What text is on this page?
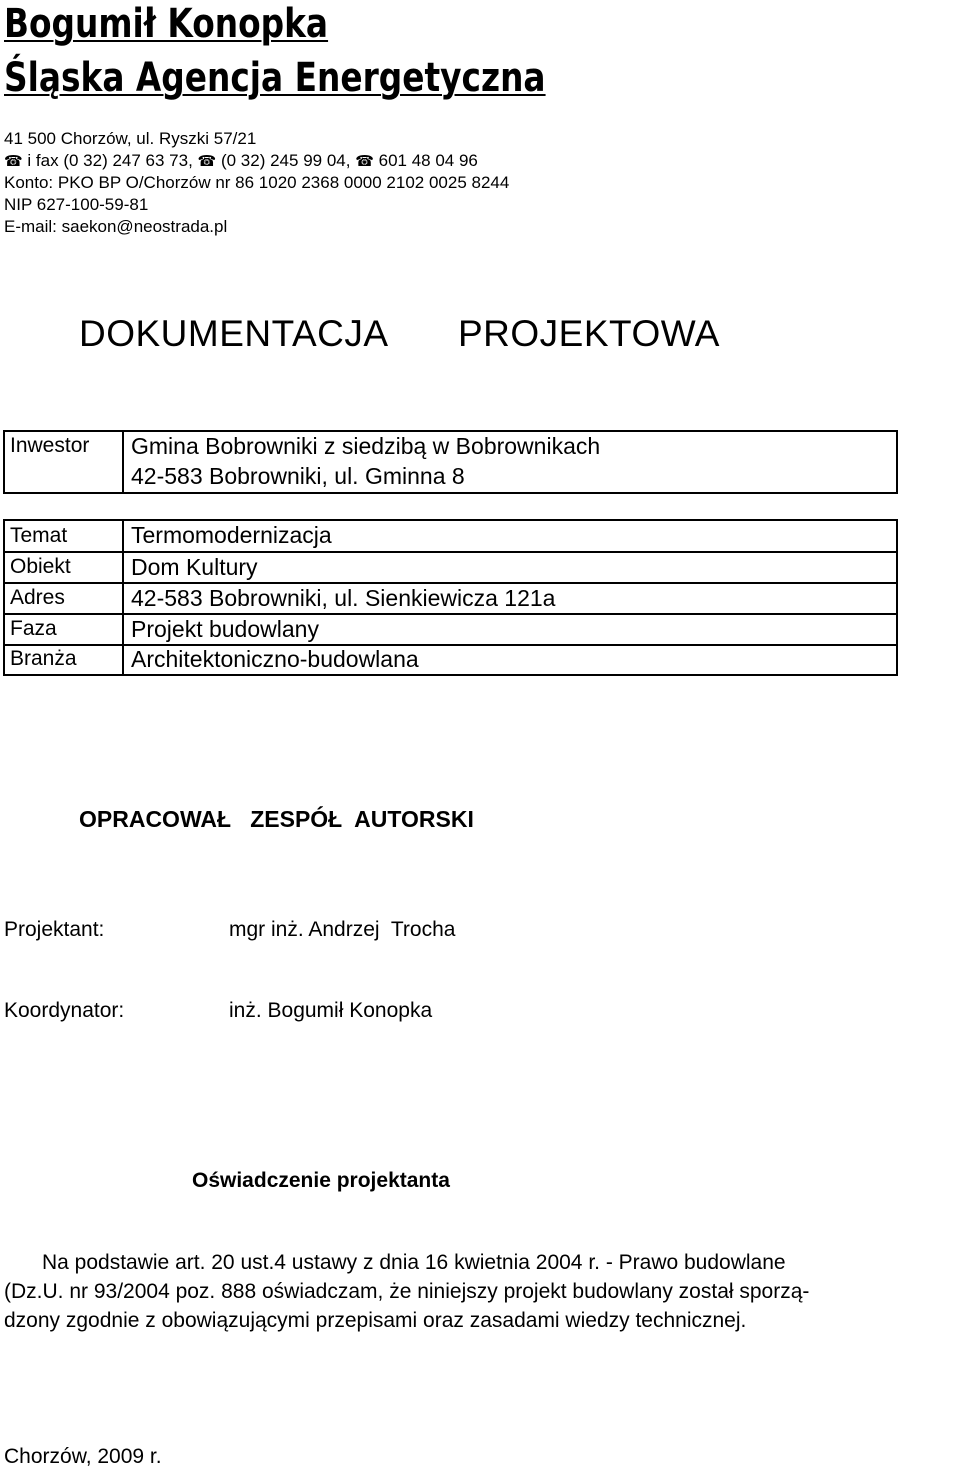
Bogumił Konopka
Śląska Agencja Energetyczna
41 500 Chorzów, ul. Ryszki 57/21
☎ i fax (0 32) 247 63 73, ☎ (0 32) 245 99 04, ☎ 601 48 04 96
Konto: PKO BP O/Chorzów nr 86 1020 2368 0000 2102 0025 8244
NIP 627-100-59-81
E-mail: saekon@neostrada.pl
DOKUMENTACJA PROJEKTOWA
Inwestor Gmina Bobrowniki z siedzibą w Bobrownikach
42-583 Bobrowniki, ul. Gminna 8
Temat	Termomodernizacja
Obiekt	Dom Kultury
Adres	42-583 Bobrowniki, ul. Sienkiewicza 121a
Faza	Projekt budowlany
Branża Architektoniczno-budowlana
OPRACOWAŁ   ZESPÓŁ  AUTORSKI
Projektant:	mgr inż. Andrzej  Trocha
Koordynator:	inż. Bogumił Konopka
Oświadczenie projektanta
Na podstawie art. 20 ust.4 ustawy z dnia 16 kwietnia 2004 r. - Prawo budowlane
(Dz.U. nr 93/2004 poz. 888 oświadczam, że niniejszy projekt budowlany został sporzą-
dzony zgodnie z obowiązującymi przepisami oraz zasadami wiedzy technicznej.
Chorzów, 2009 r.
